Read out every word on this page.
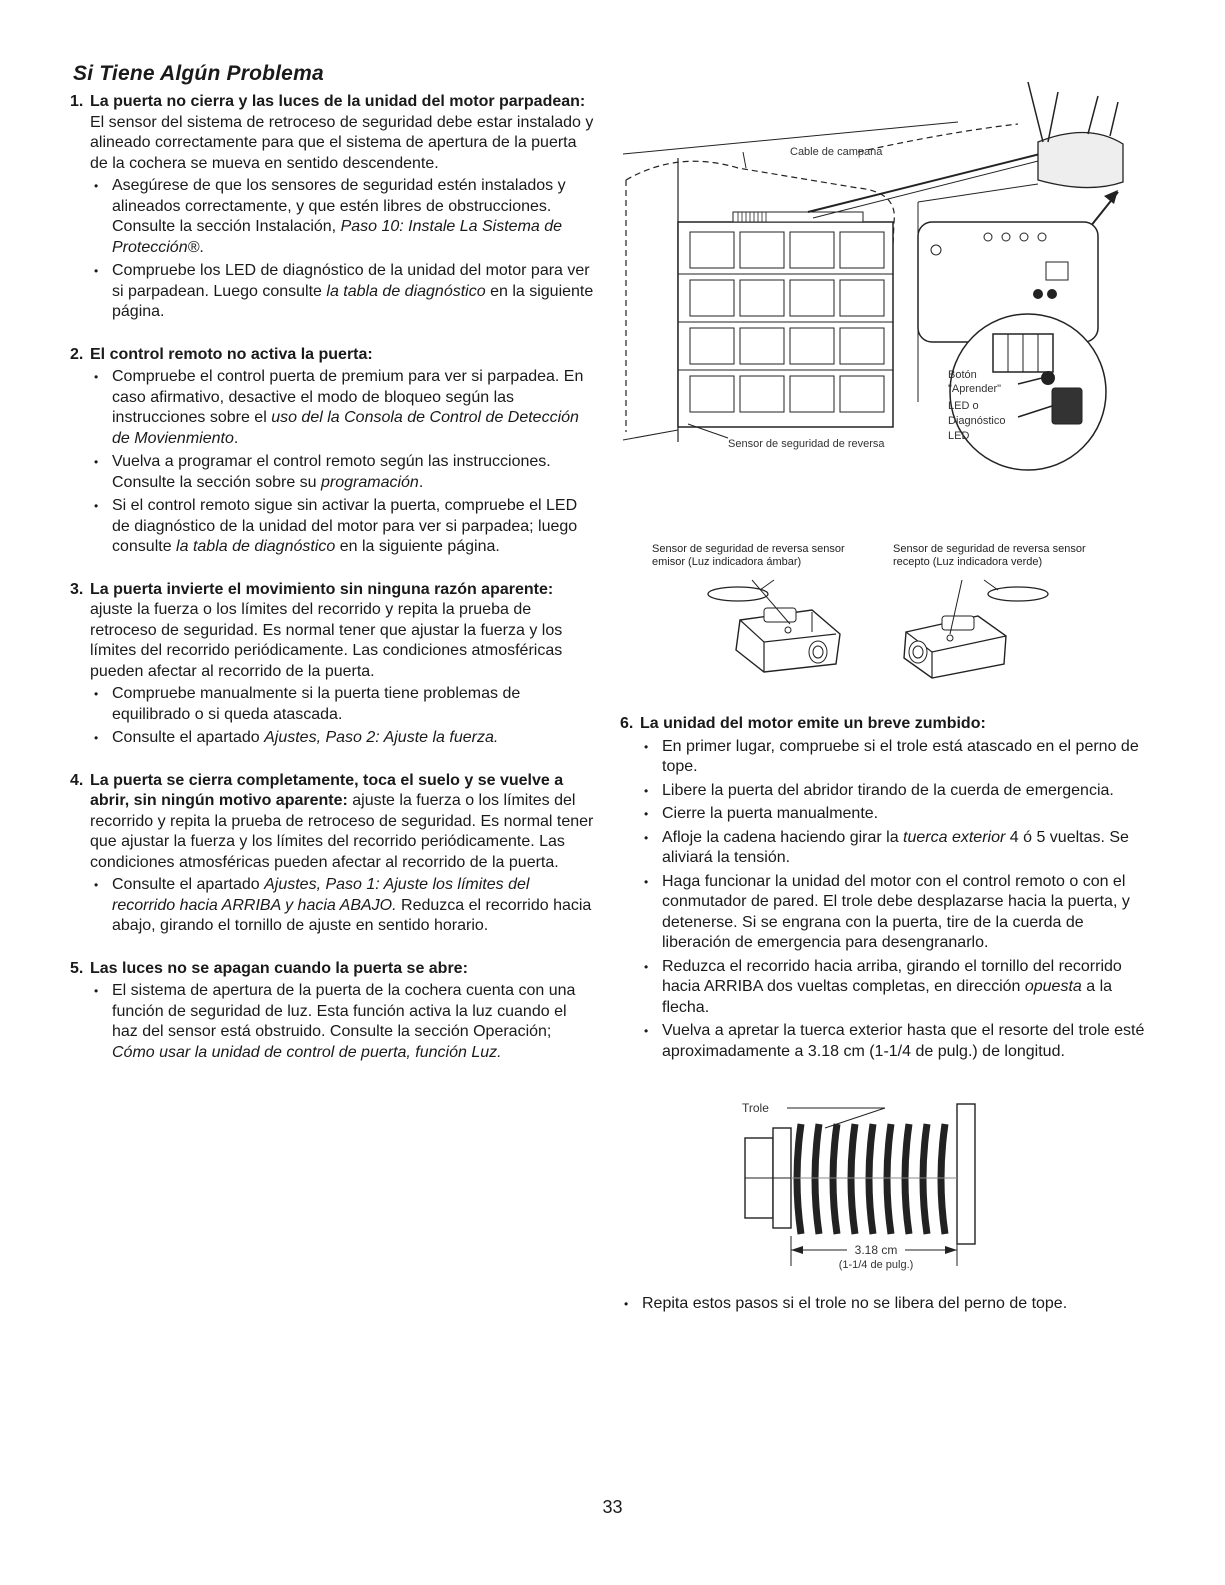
Si Tiene Algún Problema
1. La puerta no cierra y las luces de la unidad del motor parpadean:

El sensor del sistema de retroceso de seguridad debe estar instalado y alineado correctamente para que el sistema de apertura de la puerta de la cochera se mueva en sentido descendente.

• Asegúrese de que los sensores de seguridad estén instalados y alineados correctamente, y que estén libres de obstrucciones. Consulte la sección Instalación, Paso 10: Instale La Sistema de Protección®.
• Compruebe los LED de diagnóstico de la unidad del motor para ver si parpadean. Luego consulte la tabla de diagnóstico en la siguiente página.
2. El control remoto no activa la puerta:
• Compruebe el control puerta de premium para ver si parpadea. En caso afirmativo, desactive el modo de bloqueo según las instrucciones sobre el uso del la Consola de Control de Detección de Movienmiento.
• Vuelva a programar el control remoto según las instrucciones. Consulte la sección sobre su programación.
• Si el control remoto sigue sin activar la puerta, compruebe el LED de diagnóstico de la unidad del motor para ver si parpadea; luego consulte la tabla de diagnóstico en la siguiente página.
3. La puerta invierte el movimiento sin ninguna razón aparente: ajuste la fuerza o los límites del recorrido y repita la prueba de retroceso de seguridad. Es normal tener que ajustar la fuerza y los límites del recorrido periódicamente. Las condiciones atmosféricas pueden afectar al recorrido de la puerta.
• Compruebe manualmente si la puerta tiene problemas de equilibrado o si queda atascada.
• Consulte el apartado Ajustes, Paso 2: Ajuste la fuerza.
4. La puerta se cierra completamente, toca el suelo y se vuelve a abrir, sin ningún motivo aparente: ajuste la fuerza o los límites del recorrido y repita la prueba de retroceso de seguridad. Es normal tener que ajustar la fuerza y los límites del recorrido periódicamente. Las condiciones atmosféricas pueden afectar al recorrido de la puerta.
• Consulte el apartado Ajustes, Paso 1: Ajuste los límites del recorrido hacia ARRIBA y hacia ABAJO. Reduzca el recorrido hacia abajo, girando el tornillo de ajuste en sentido horario.
5. Las luces no se apagan cuando la puerta se abre:
• El sistema de apertura de la puerta de la cochera cuenta con una función de seguridad de luz. Esta función activa la luz cuando el haz del sensor está obstruido. Consulte la sección Operación; Cómo usar la unidad de control de puerta, función Luz.
Cable de campana
Sensor de seguridad de reversa
Botón
"Aprender"
LED o
Diagnóstico
LED
Sensor de seguridad de reversa sensor
emisor (Luz indicadora ámbar)
Sensor de seguridad de reversa sensor
recepto (Luz indicadora verde)
6. La unidad del motor emite un breve zumbido:
• En primer lugar, compruebe si el trole está atascado en el perno de tope.
• Libere la puerta del abridor tirando de la cuerda de emergencia.
• Cierre la puerta manualmente.
• Afloje la cadena haciendo girar la tuerca exterior 4 ó 5 vueltas. Se aliviará la tensión.
• Haga funcionar la unidad del motor con el control remoto o con el conmutador de pared. El trole debe desplazarse hacia la puerta, y detenerse. Si se engrana con la puerta, tire de la cuerda de liberación de emergencia para desengranarlo.
• Reduzca el recorrido hacia arriba, girando el tornillo del recorrido hacia ARRIBA dos vueltas completas, en dirección opuesta a la flecha.
• Vuelva a apretar la tuerca exterior hasta que el resorte del trole esté aproximadamente a 3.18 cm (1-1/4 de pulg.) de longitud.
Trole
3.18 cm
(1-1/4 de pulg.)
• Repita estos pasos si el trole no se libera del perno de tope.
33
